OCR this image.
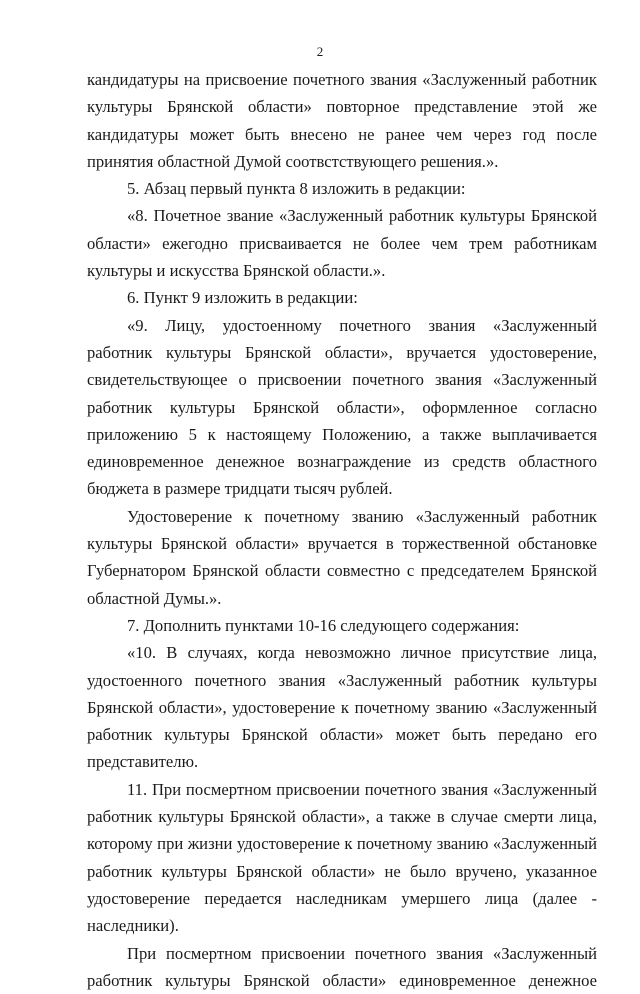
2

кандидатуры на присвоение почетного звания «Заслуженный работник культуры Брянской области» повторное представление этой же кандидатуры может быть внесено не ранее чем через год после принятия областной Думой соотвстствующего решения.».

5. Абзац первый пункта 8 изложить в редакции:

«8. Почетное звание «Заслуженный работник культуры Брянской области» ежегодно присваивается не более чем трем работникам культуры и искусства Брянской области.».

6. Пункт 9 изложить в редакции:

«9. Лицу, удостоенному почетного звания «Заслуженный работник культуры Брянской области», вручается удостоверение, свидетельствующее о присвоении почетного звания «Заслуженный работник культуры Брянской области», оформленное согласно приложению 5 к настоящему Положению, а также выплачивается единовременное денежное вознаграждение из средств областного бюджета в размере тридцати тысяч рублей.

Удостоверение к почетному званию «Заслуженный работник культуры Брянской области» вручается в торжественной обстановке Губернатором Брянской области совместно с председателем Брянской областной Думы.».

7. Дополнить пунктами 10-16 следующего содержания:

«10. В случаях, когда невозможно личное присутствие лица, удостоенного почетного звания «Заслуженный работник культуры Брянской области», удостоверение к почетному званию «Заслуженный работник культуры Брянской области» может быть передано его представителю.

11. При посмертном присвоении почетного звания «Заслуженный работник культуры Брянской области», а также в случае смерти лица, которому при жизни удостоверение к почетному званию «Заслуженный работник культуры Брянской области» не было вручено, указанное удостоверение передается наследникам умершего лица (далее - наследники).

При посмертном присвоении почетного звания «Заслуженный работник культуры Брянской области» единовременное денежное
